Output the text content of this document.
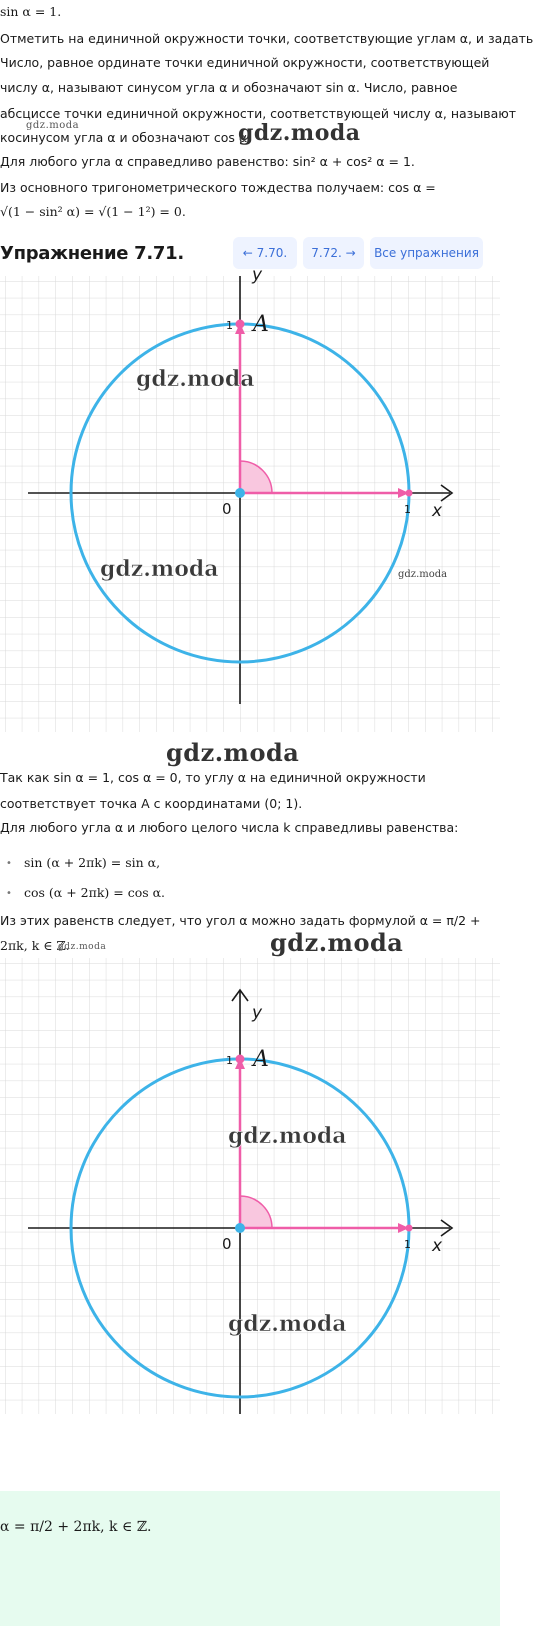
sin α = 1.
Отметить на единичной окружности точки, соответствующие углам α, и задать
Число, равное ординате точки единичной окружности, соответствующей
числу α, называют синусом угла α и обозначают sin α. Число, равное
абсциссе точки единичной окружности, соответствующей числу α, называют
косинусом угла α и обозначают cos α.
Для любого угла α справедливо равенство: sin² α + cos² α = 1.
Из основного тригонометрического тождества получаем: cos α =
√(1 − sin² α) = √(1 − 1²) = 0.
gdz.moda	gdz.moda
Упражнение 7.71.	← 7.70.	7.72. →	Все упражнения
A
1
1
0	x
y
gdz.moda
gdz.moda	gdz.moda
gdz.moda
Так как sin α = 1, cos α = 0, то углу α на единичной окружности
соответствует точка A с координатами (0; 1).
Для любого угла α и любого целого числа k справедливы равенства:
• sin (α + 2πk) = sin α,
• cos (α + 2πk) = cos α.
Из этих равенств следует, что угол α можно задать формулой α = π/2 +
2πk, k ∈ ℤ.
gdz.moda	gdz.moda
A
1
1
0	x
y
gdz.moda
gdz.moda
α = π/2 + 2πk, k ∈ ℤ.
